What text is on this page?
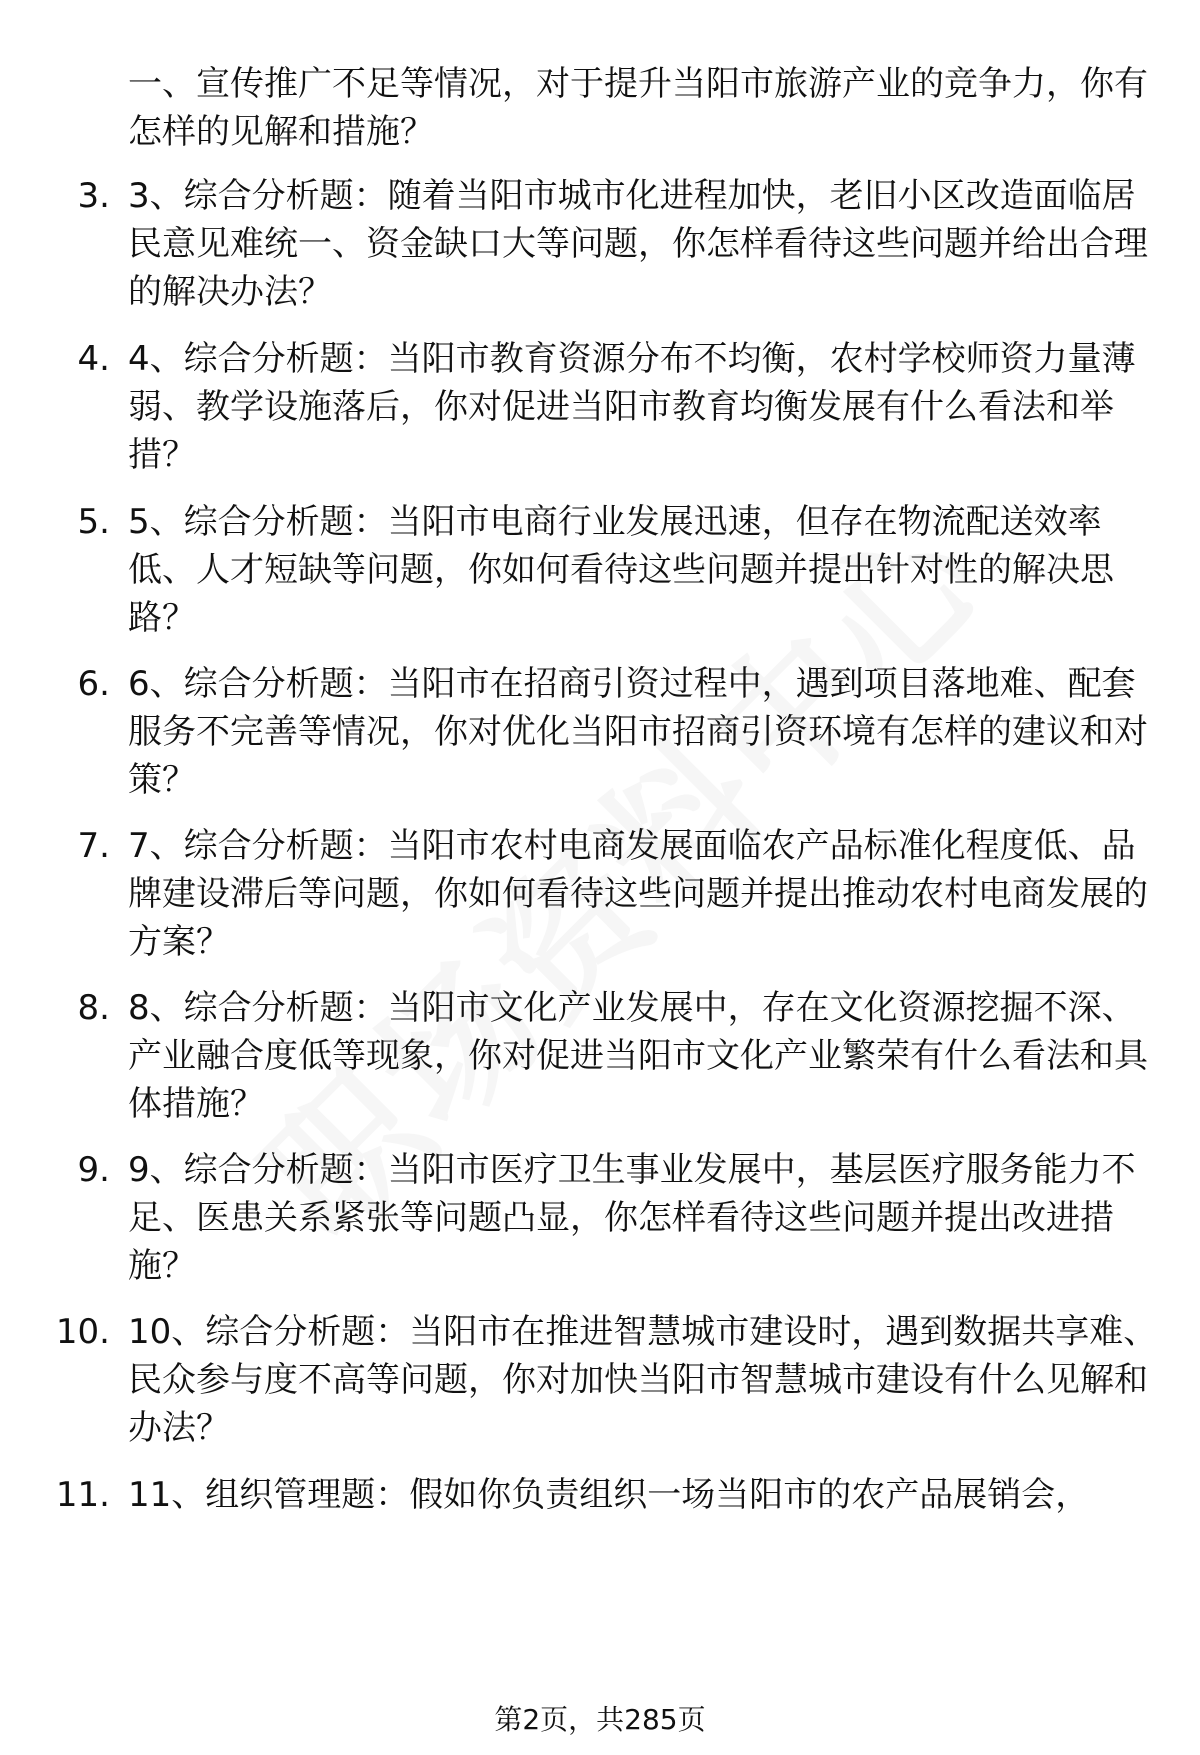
一、宣传推广不足等情况，对于提升当阳市旅游产业的竞争力，你有怎样的见解和措施？
3. 3、综合分析题：随着当阳市城市化进程加快，老旧小区改造面临居民意见难统一、资金缺口大等问题，你怎样看待这些问题并给出合理的解决办法？
4. 4、综合分析题：当阳市教育资源分布不均衡，农村学校师资力量薄弱、教学设施落后，你对促进当阳市教育均衡发展有什么看法和举措？
5. 5、综合分析题：当阳市电商行业发展迅速，但存在物流配送效率低、人才短缺等问题，你如何看待这些问题并提出针对性的解决思路？
6. 6、综合分析题：当阳市在招商引资过程中，遇到项目落地难、配套服务不完善等情况，你对优化当阳市招商引资环境有怎样的建议和对策？
7. 7、综合分析题：当阳市农村电商发展面临农产品标准化程度低、品牌建设滞后等问题，你如何看待这些问题并提出推动农村电商发展的方案？
8. 8、综合分析题：当阳市文化产业发展中，存在文化资源挖掘不深、产业融合度低等现象，你对促进当阳市文化产业繁荣有什么看法和具体措施？
9. 9、综合分析题：当阳市医疗卫生事业发展中，基层医疗服务能力不足、医患关系紧张等问题凸显，你怎样看待这些问题并提出改进措施？
10. 10、综合分析题：当阳市在推进智慧城市建设时，遇到数据共享难、民众参与度不高等问题，你对加快当阳市智慧城市建设有什么见解和办法？
11. 11、组织管理题：假如你负责组织一场当阳市的农产品展销会，
第2页，共285页
